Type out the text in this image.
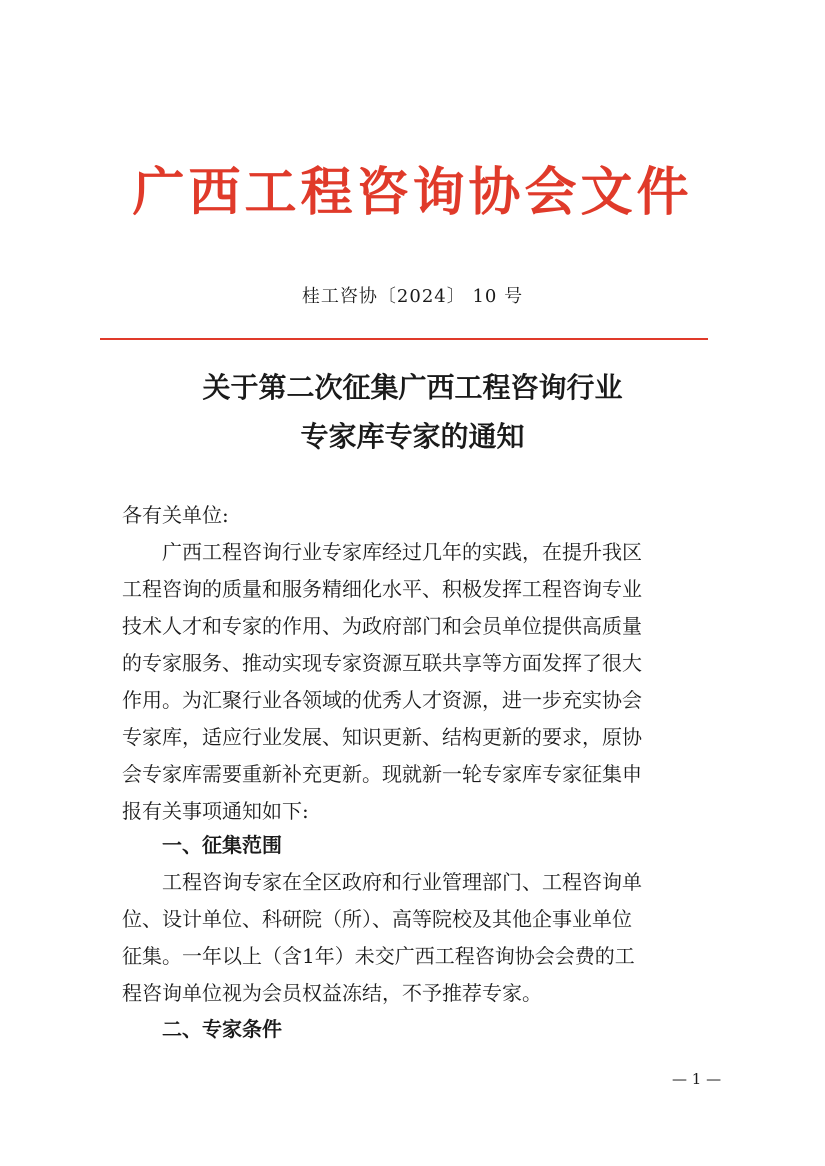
广西工程咨询协会文件
桂工咨协〔2024〕 10 号
关于第二次征集广西工程咨询行业
专家库专家的通知
各有关单位:
广西工程咨询行业专家库经过几年的实践，在提升我区
工程咨询的质量和服务精细化水平、积极发挥工程咨询专业
技术人才和专家的作用、为政府部门和会员单位提供高质量
的专家服务、推动实现专家资源互联共享等方面发挥了很大
作用。为汇聚行业各领域的优秀人才资源，进一步充实协会
专家库，适应行业发展、知识更新、结构更新的要求，原协
会专家库需要重新补充更新。现就新一轮专家库专家征集申
报有关事项通知如下:
一、征集范围
工程咨询专家在全区政府和行业管理部门、工程咨询单
位、设计单位、科研院（所）、高等院校及其他企事业单位
征集。一年以上（含1年）未交广西工程咨询协会会费的工
程咨询单位视为会员权益冻结，不予推荐专家。
二、专家条件
— 1 —
